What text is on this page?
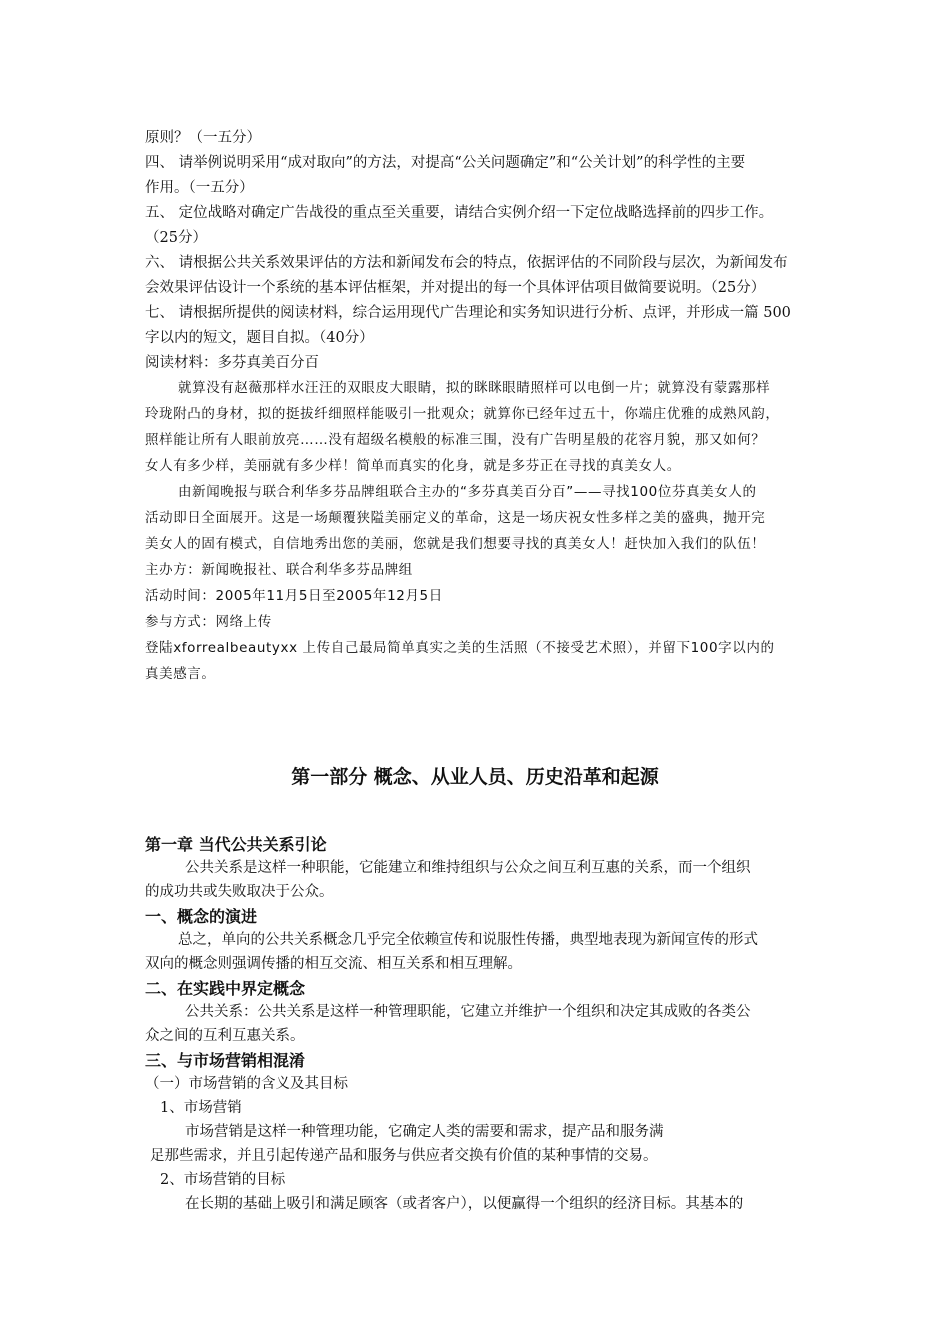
原则？（一五分）
四、 请举例说明采用“成对取向”的方法，对提高“公关问题确定”和“公关计划”的科学性的主要
作用。（一五分）
五、 定位战略对确定广告战役的重点至关重要，请结合实例介绍一下定位战略选择前的四步工作。
（25分）
六、 请根据公共关系效果评估的方法和新闻发布会的特点，依据评估的不同阶段与层次，为新闻发布
会效果评估设计一个系统的基本评估框架，并对提出的每一个具体评估项目做简要说明。（25分）
七、 请根据所提供的阅读材料，综合运用现代广告理论和实务知识进行分析、点评，并形成一篇 500
字以内的短文，题目自拟。（40分）
阅读材料：多芬真美百分百
就算没有赵薇那样水汪汪的双眼皮大眼睛，拟的眯眯眼睛照样可以电倒一片；就算没有蒙露那样
玲珑附凸的身材，拟的挺拔纤细照样能吸引一批观众；就算你已经年过五十，你端庄优雅的成熟风韵，
照样能让所有人眼前放亮……没有超级名模般的标准三围，没有广告明星般的花容月貌，那又如何？
女人有多少样，美丽就有多少样！简单而真实的化身，就是多芬正在寻找的真美女人。
由新闻晚报与联合利华多芬品牌组联合主办的“多芬真美百分百”——寻找100位芬真美女人的
活动即日全面展开。这是一场颠覆狭隘美丽定义的革命，这是一场庆祝女性多样之美的盛典，抛开完
美女人的固有模式，自信地秀出您的美丽，您就是我们想要寻找的真美女人！赶快加入我们的队伍！
主办方：新闻晚报社、联合利华多芬品牌组
活动时间：2005年11月5日至2005年12月5日
参与方式：网络上传
登陆xforrealbeautyxx 上传自己最局简单真实之美的生活照（不接受艺术照），并留下100字以内的
真美感言。
第一部分 概念、从业人员、历史沿革和起源
第一章 当代公共关系引论
公共关系是这样一种职能，它能建立和维持组织与公众之间互利互惠的关系，而一个组织
的成功共或失败取决于公众。
一、概念的演进
总之，单向的公共关系概念几乎完全依赖宣传和说服性传播，典型地表现为新闻宣传的形式
双向的概念则强调传播的相互交流、相互关系和相互理解。
二、在实践中界定概念
公共关系：公共关系是这样一种管理职能，它建立并维护一个组织和决定其成败的各类公
众之间的互利互惠关系。
三、与市场营销相混淆
（一）市场营销的含义及其目标
1、市场营销
市场营销是这样一种管理功能，它确定人类的需要和需求，提产品和服务满
足那些需求，并且引起传递产品和服务与供应者交换有价值的某种事情的交易。
2、市场营销的目标
在长期的基础上吸引和满足顾客（或者客户），以便赢得一个组织的经济目标。其基本的
